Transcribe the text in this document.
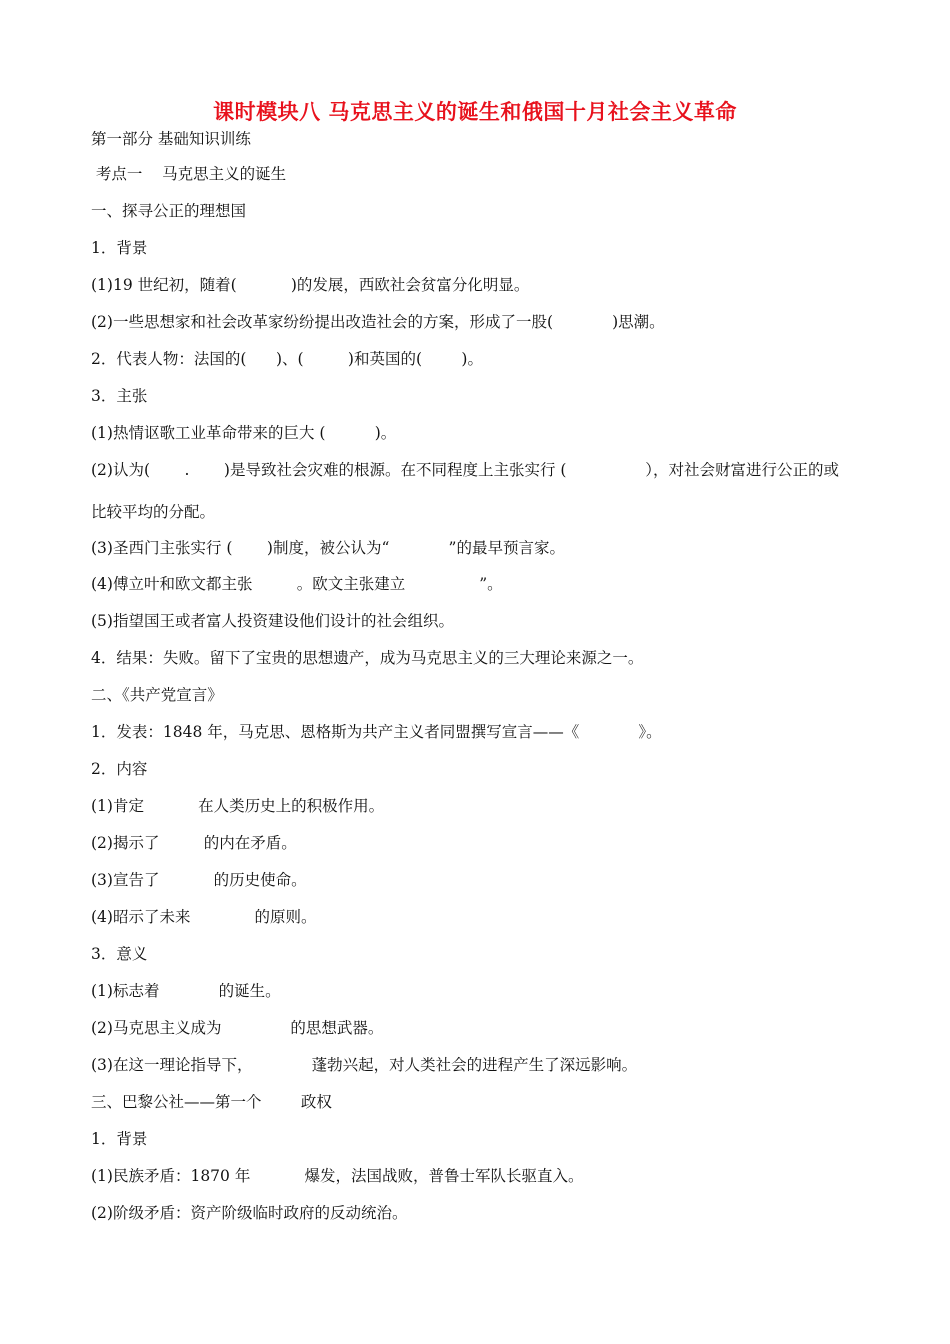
课时模块八 马克思主义的诞生和俄国十月社会主义革命
第一部分 基础知识训练
考点一    马克思主义的诞生
一、探寻公正的理想国
1．背景
(1)19 世纪初，随着(           )的发展，西欧社会贫富分化明显。
(2)一些思想家和社会改革家纷纷提出改造社会的方案，形成了一股(            )思潮。
2．代表人物：法国的(      )、(         )和英国的(        )。
3．主张
(1)热情讴歌工业革命带来的巨大 (          )。
(2)认为(       .       )是导致社会灾难的根源。在不同程度上主张实行 (                ），对社会财富进行公正的或
比较平均的分配。
(3)圣西门主张实行 (       )制度，被公认为“            ”的最早预言家。
(4)傅立叶和欧文都主张         。欧文主张建立               ”。
(5)指望国王或者富人投资建设他们设计的社会组织。
4．结果：失败。留下了宝贵的思想遗产，成为马克思主义的三大理论来源之一。
二、《共产党宣言》
1．发表：1848 年，马克思、恩格斯为共产主义者同盟撰写宣言——《            》。
2．内容
(1)肯定           在人类历史上的积极作用。
(2)揭示了         的内在矛盾。
(3)宣告了           的历史使命。
(4)昭示了未来             的原则。
3．意义
(1)标志着            的诞生。
(2)马克思主义成为              的思想武器。
(3)在这一理论指导下，            蓬勃兴起，对人类社会的进程产生了深远影响。
三、巴黎公社——第一个        政权
1．背景
(1)民族矛盾：1870 年           爆发，法国战败，普鲁士军队长驱直入。
(2)阶级矛盾：资产阶级临时政府的反动统治。
